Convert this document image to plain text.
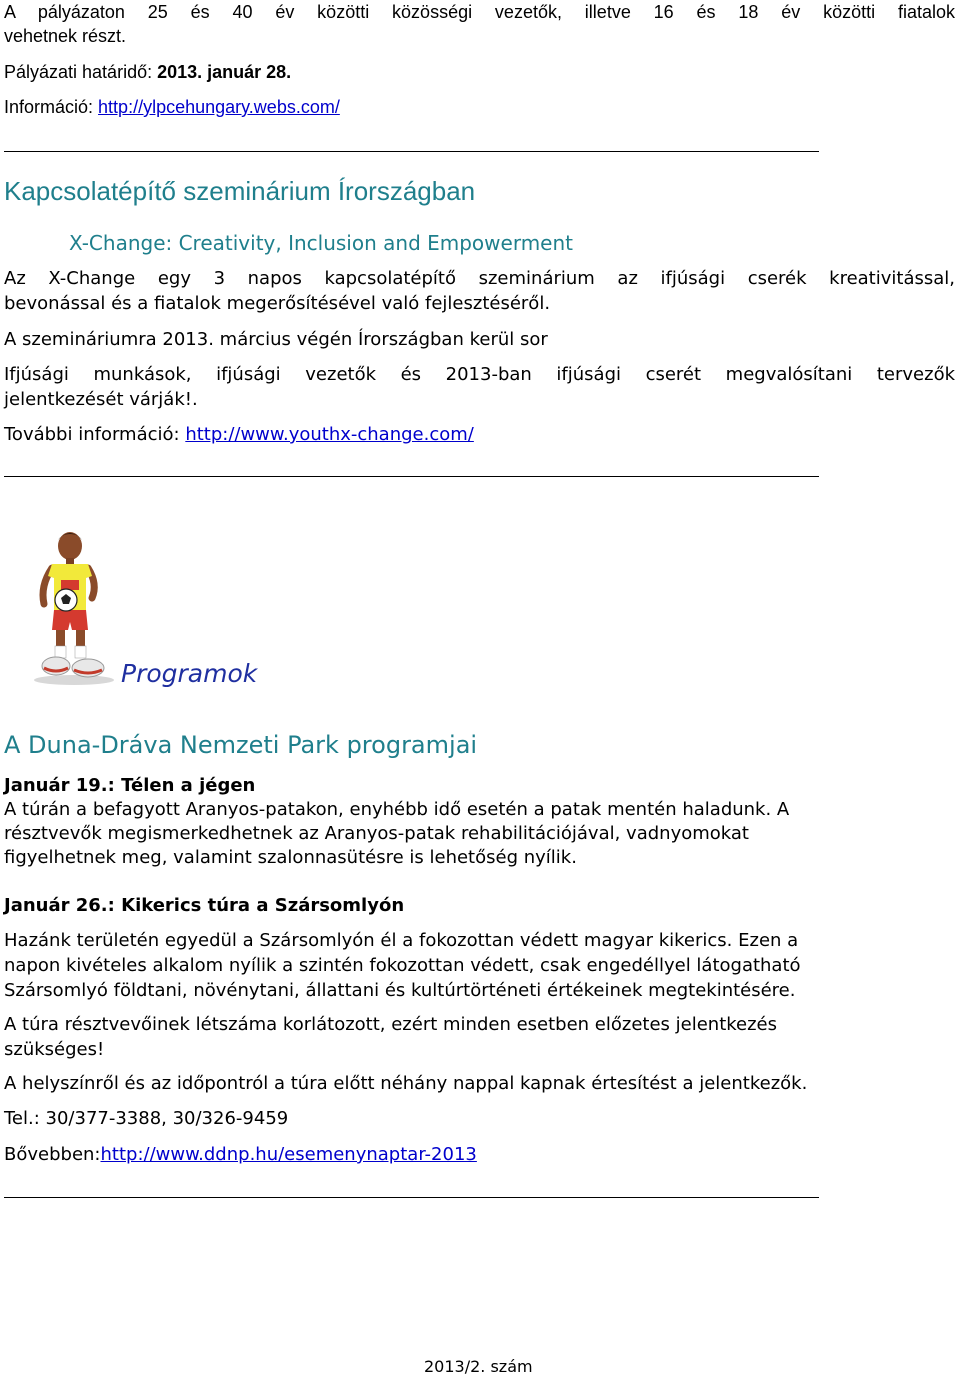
A pályázaton 25 és 40 év közötti közösségi vezetők, illetve 16 és 18 év közötti fiatalok
vehetnek részt.
Pályázati határidő: 2013. január 28.
Információ: http://ylpcehungary.webs.com/
Kapcsolatépítő szeminárium Írországban
X-Change: Creativity, Inclusion and Empowerment
Az X-Change egy 3 napos kapcsolatépítő szeminárium az ifjúsági cserék kreativitással,
bevonással és a fiatalok megerősítésével való fejlesztéséről.
A szemináriumra 2013. március végén Írországban kerül sor
Ifjúsági munkások, ifjúsági vezetők és 2013-ban ifjúsági cserét megvalósítani tervezők
jelentkezését várják!.
További információ: http://www.youthx-change.com/
Programok
A Duna-Dráva Nemzeti Park programjai
Január 19.: Télen a jégen
A túrán a befagyott Aranyos-patakon, enyhébb idő esetén a patak mentén haladunk. A
résztvevők megismerkedhetnek az Aranyos-patak rehabilitációjával, vadnyomokat
figyelhetnek meg, valamint szalonnasütésre is lehetőség nyílik.
Január 26.: Kikerics túra a Szársomlyón
Hazánk területén egyedül a Szársomlyón él a fokozottan védett magyar kikerics. Ezen a
napon kivételes alkalom nyílik a szintén fokozottan védett, csak engedéllyel látogatható
Szársomlyó földtani, növénytani, állattani és kultúrtörténeti értékeinek megtekintésére.
A túra résztvevőinek létszáma korlátozott, ezért minden esetben előzetes jelentkezés
szükséges!
A helyszínről és az időpontról a túra előtt néhány nappal kapnak értesítést a jelentkezők.
Tel.: 30/377-3388, 30/326-9459
Bővebben:http://www.ddnp.hu/esemenynaptar-2013
2013/2. szám
